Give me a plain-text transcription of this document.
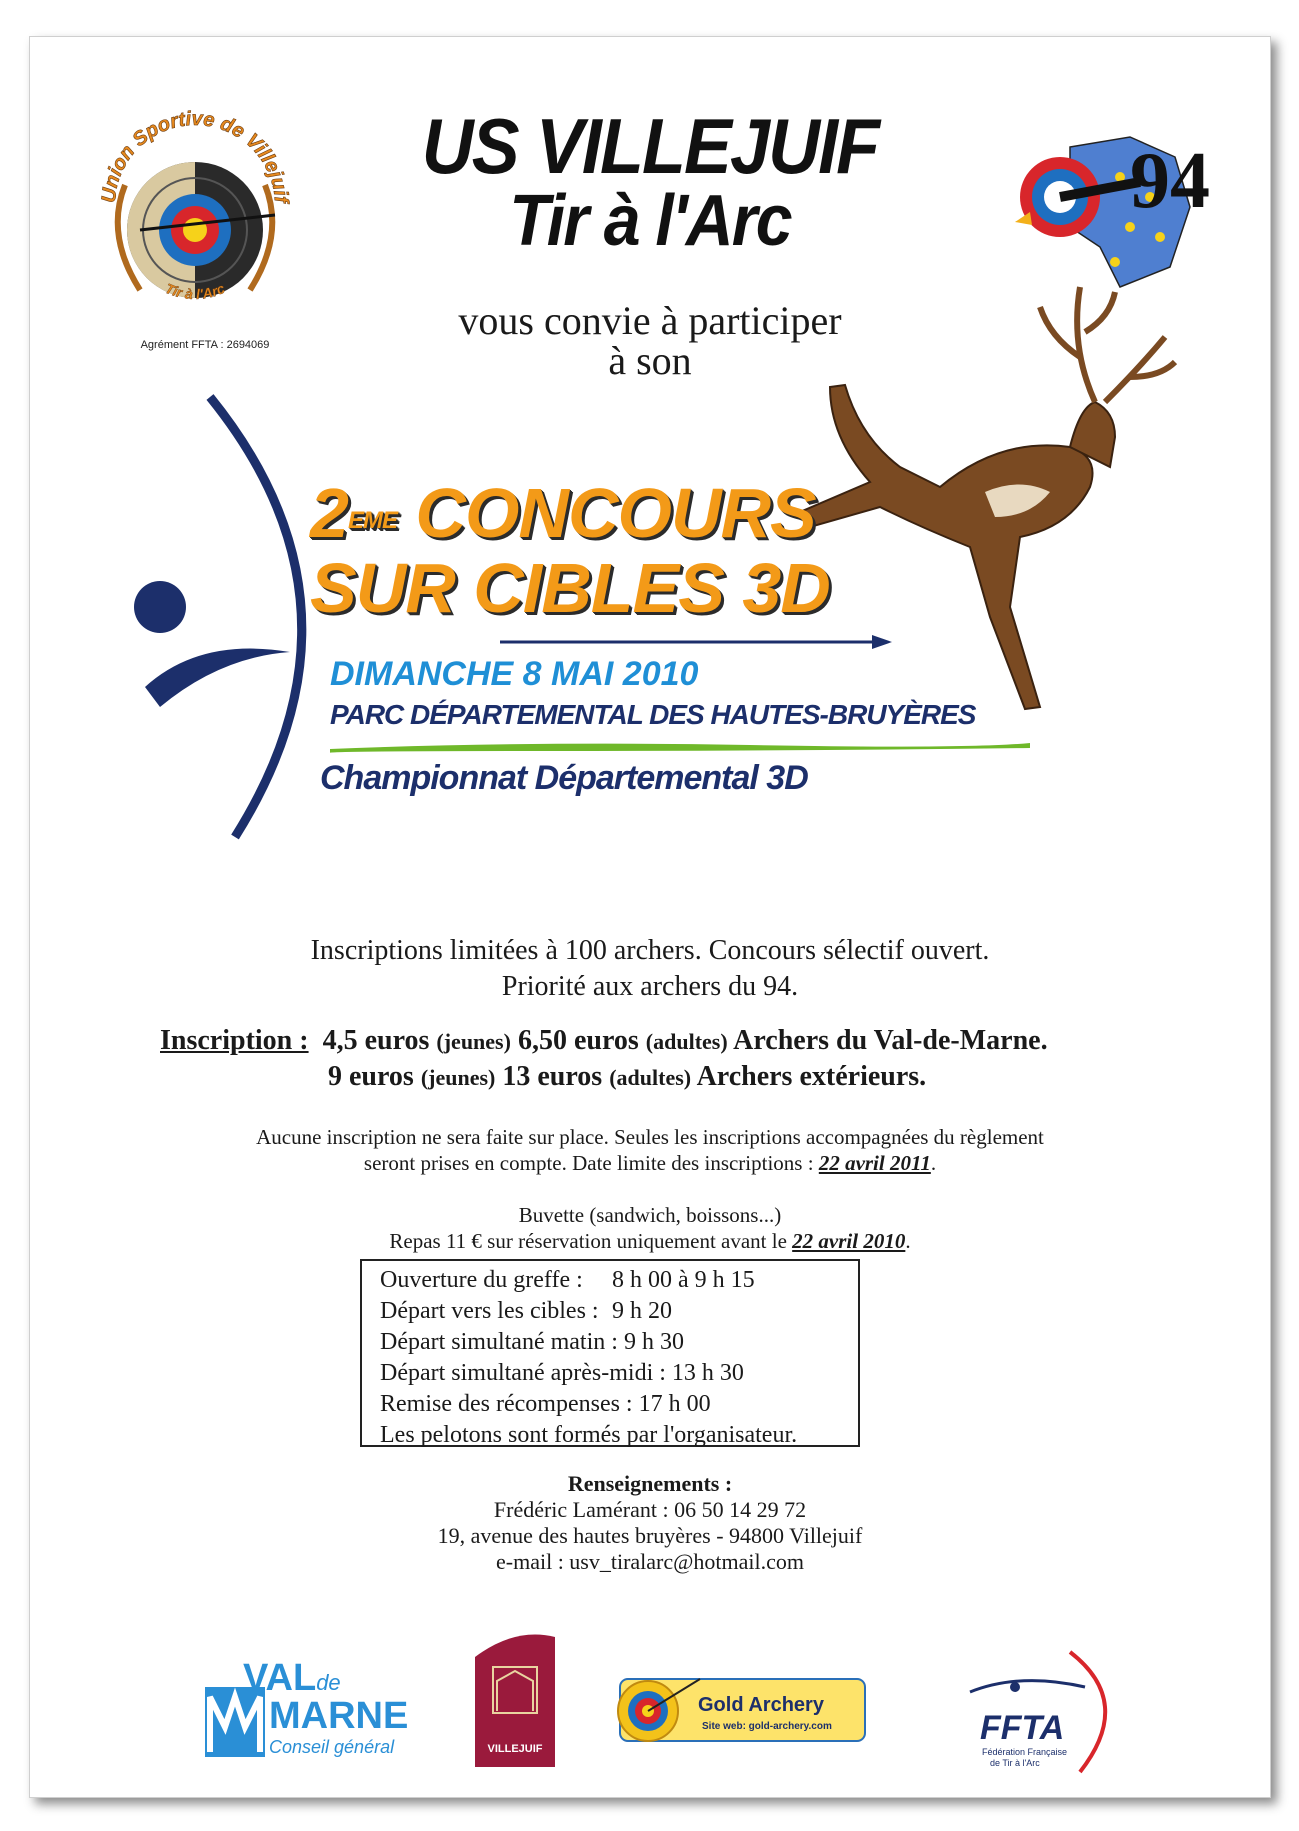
Union Sportive de Villejuif
Tir à l'Arc
Agrément FFTA : 2694069
US VILLEJUIF
Tir à l'Arc
vous convie à participer
à son
94
2EME CONCOURS
SUR CIBLES 3D
DIMANCHE 8 MAI 2010
PARC DÉPARTEMENTAL DES HAUTES-BRUYÈRES
Championnat Départemental 3D
Inscriptions limitées à 100 archers. Concours sélectif ouvert.
Priorité aux archers du 94.
Inscription : 4,5 euros (jeunes) 6,50 euros (adultes) Archers du Val-de-Marne.
9 euros (jeunes) 13 euros (adultes) Archers extérieurs.
Aucune inscription ne sera faite sur place. Seules les inscriptions accompagnées du règlement
seront prises en compte. Date limite des inscriptions : 22 avril 2011.
Buvette (sandwich, boissons...)
Repas 11 € sur réservation uniquement avant le 22 avril 2010.
Ouverture du greffe :	8 h 00 à 9 h 15
Départ vers les cibles : 9 h 20
Départ simultané matin : 9 h 30
Départ simultané après-midi : 13 h 30
Remise des récompenses : 17 h 00
Les pelotons sont formés par l'organisateur.
Renseignements :
Frédéric Lamérant : 06 50 14 29 72
19, avenue des hautes bruyères - 94800 Villejuif
e-mail : usv_tiralarc@hotmail.com
VALde
MARNE
Conseil général	VILLEJUIF
Gold Archery
Site web: gold-archery.com	FFTA
Fédération Française
de Tir à l'Arc
